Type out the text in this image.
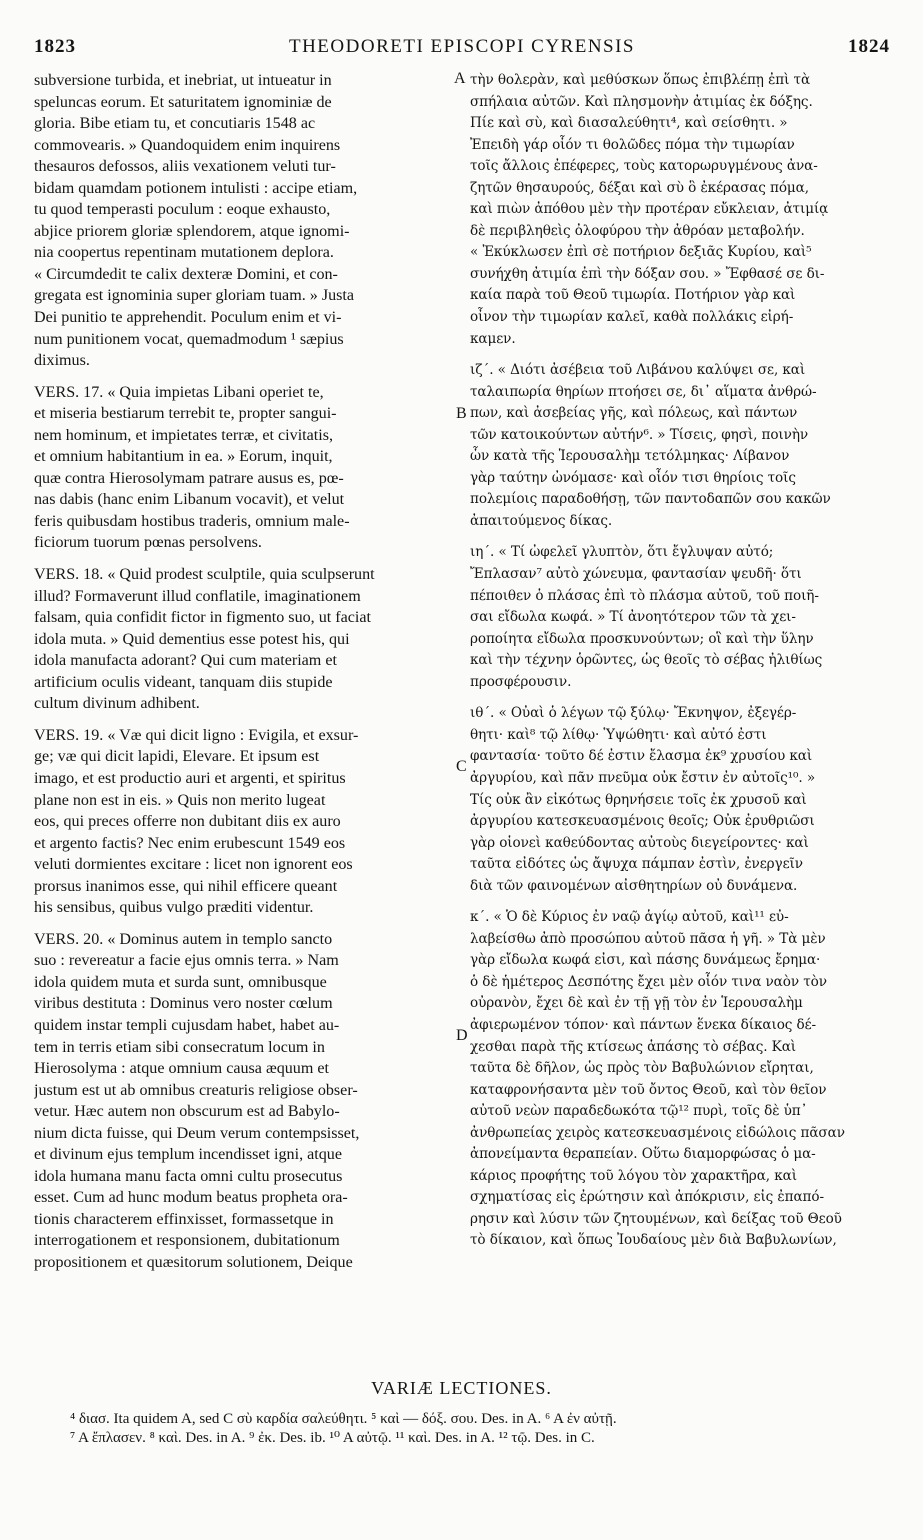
1823	THEODORETI EPISCOPI CYRENSIS	1824
subversione turbida, et inebriat, ut intueatur in
speluncas eorum. Et saturitatem ignominiæ de
gloria. Bibe etiam tu, et concutiaris 1548 ac
commovearis. » Quandoquidem enim inquirens
thesauros defossos, aliis vexationem veluti tur-
bidam quamdam potionem intulisti : accipe etiam,
tu quod temperasti poculum : eoque exhausto,
abjice priorem gloriæ splendorem, atque ignomi-
nia coopertus repentinam mutationem deplora.
« Circumdedit te calix dexteræ Domini, et con-
gregata est ignominia super gloriam tuam. » Justa
Dei punitio te apprehendit. Poculum enim et vi-
num punitionem vocat, quemadmodum ¹ sæpius
diximus.
VERS. 17. « Quia impietas Libani operiet te,
et miseria bestiarum terrebit te, propter sangui-
nem hominum, et impietates terræ, et civitatis,
et omnium habitantium in ea. » Eorum, inquit,
quæ contra Hierosolymam patrare ausus es, pœ-
nas dabis (hanc enim Libanum vocavit), et velut
feris quibusdam hostibus traderis, omnium male-
ficiorum tuorum pœnas persolvens.
VERS. 18. « Quid prodest sculptile, quia sculpserunt
illud? Formaverunt illud conflatile, imaginationem
falsam, quia confidit fictor in figmento suo, ut faciat
idola muta. » Quid dementius esse potest his, qui
idola manufacta adorant? Qui cum materiam et
artificium oculis videant, tanquam diis stupide
cultum divinum adhibent.
VERS. 19. « Væ qui dicit ligno : Evigila, et exsur-
ge; væ qui dicit lapidi, Elevare. Et ipsum est
imago, et est productio auri et argenti, et spiritus
plane non est in eis. » Quis non merito lugeat
eos, qui preces offerre non dubitant diis ex auro
et argento factis? Nec enim erubescunt 1549 eos
veluti dormientes excitare : licet non ignorent eos
prorsus inanimos esse, qui nihil efficere queant
his sensibus, quibus vulgo præditi videntur.
VERS. 20. « Dominus autem in templo sancto
suo : revereatur a facie ejus omnis terra. » Nam
idola quidem muta et surda sunt, omnibusque
viribus destituta : Dominus vero noster cœlum
quidem instar templi cujusdam habet, habet au-
tem in terris etiam sibi consecratum locum in
Hierosolyma : atque omnium causa æquum et
justum est ut ab omnibus creaturis religiose obser-
vetur. Hæc autem non obscurum est ad Babylo-
nium dicta fuisse, qui Deum verum contempsisset,
et divinum ejus templum incendisset igni, atque
idola humana manu facta omni cultu prosecutus
esset. Cum ad hunc modum beatus propheta ora-
tionis characterem effinxisset, formassetque in
interrogationem et responsionem, dubitationum
propositionem et quæsitorum solutionem, Deique
τὴν θολερὰν, καὶ μεθύσκων ὅπως ἐπιβλέπῃ ἐπὶ τὰ
σπήλαια αὐτῶν. Καὶ πλησμονὴν ἀτιμίας ἐκ δόξης.
Πίε καὶ σὺ, καὶ διασαλεύθητι⁴, καὶ σείσθητι. »
Ἐπειδὴ γάρ οἷόν τι θολῶδες πόμα τὴν τιμωρίαν
τοῖς ἄλλοις ἐπέφερες, τοὺς κατορωρυγμένους ἀνα-
ζητῶν θησαυρούς, δέξαι καὶ σὺ ὃ ἐκέρασας πόμα,
καὶ πιὼν ἀπόθου μὲν τὴν προτέραν εὔκλειαν, ἀτιμίᾳ
δὲ περιβληθεὶς ὀλοφύρου τὴν ἀθρόαν μεταβολήν.
« Ἐκύκλωσεν ἐπὶ σὲ ποτήριον δεξιᾶς Κυρίου, καὶ⁵
συνήχθη ἀτιμία ἐπὶ τὴν δόξαν σου. » Ἔφθασέ σε δι-
καία παρὰ τοῦ Θεοῦ τιμωρία. Ποτήριον γὰρ καὶ
οἶνον τὴν τιμωρίαν καλεῖ, καθὰ πολλάκις εἰρή-
καμεν.
ιζ΄. « Διότι ἀσέβεια τοῦ Λιβάνου καλύψει σε, καὶ
ταλαιπωρία θηρίων πτοήσει σε, δι᾽ αἵματα ἀνθρώ-
πων, καὶ ἀσεβείας γῆς, καὶ πόλεως, καὶ πάντων
τῶν κατοικούντων αὐτήν⁶. » Τίσεις, φησὶ, ποινὴν
ὧν κατὰ τῆς Ἱερουσαλὴμ τετόλμηκας· Λίβανον
γὰρ ταύτην ὠνόμασε· καὶ οἷόν τισι θηρίοις τοῖς
πολεμίοις παραδοθήσῃ, τῶν παντοδαπῶν σου κακῶν
ἀπαιτούμενος δίκας.
ιη΄. « Τί ὠφελεῖ γλυπτὸν, ὅτι ἔγλυψαν αὐτό;
Ἔπλασαν⁷ αὐτὸ χώνευμα, φαντασίαν ψευδῆ· ὅτι
πέποιθεν ὁ πλάσας ἐπὶ τὸ πλάσμα αὐτοῦ, τοῦ ποιῆ-
σαι εἴδωλα κωφά. » Τί ἀνοητότερον τῶν τὰ χει-
ροποίητα εἴδωλα προσκυνούντων; οἳ καὶ τὴν ὕλην
καὶ τὴν τέχνην ὁρῶντες, ὡς θεοῖς τὸ σέβας ἠλιθίως
προσφέρουσιν.
ιθ΄. « Οὐαὶ ὁ λέγων τῷ ξύλῳ· Ἔκνηψον, ἐξεγέρ-
θητι· καὶ⁸ τῷ λίθῳ· Ὑψώθητι· καὶ αὐτό ἐστι
φαντασία· τοῦτο δέ ἐστιν ἔλασμα ἐκ⁹ χρυσίου καὶ
ἀργυρίου, καὶ πᾶν πνεῦμα οὐκ ἔστιν ἐν αὐτοῖς¹⁰. »
Τίς οὐκ ἂν εἰκότως θρηνήσειε τοῖς ἐκ χρυσοῦ καὶ
ἀργυρίου κατεσκευασμένοις θεοῖς; Οὐκ ἐρυθριῶσι
γὰρ οἱονεὶ καθεύδοντας αὐτοὺς διεγείροντες· καὶ
ταῦτα εἰδότες ὡς ἄψυχα πάμπαν ἐστὶν, ἐνεργεῖν
διὰ τῶν φαινομένων αἰσθητηρίων οὐ δυνάμενα.
κ΄. « Ὁ δὲ Κύριος ἐν ναῷ ἁγίῳ αὐτοῦ, καὶ¹¹ εὐ-
λαβείσθω ἀπὸ προσώπου αὐτοῦ πᾶσα ἡ γῆ. » Τὰ μὲν
γὰρ εἴδωλα κωφά εἰσι, καὶ πάσης δυνάμεως ἔρημα·
ὁ δὲ ἡμέτερος Δεσπότης ἔχει μὲν οἷόν τινα ναὸν τὸν
οὐρανὸν, ἔχει δὲ καὶ ἐν τῇ γῇ τὸν ἐν Ἱερουσαλὴμ
ἀφιερωμένον τόπον· καὶ πάντων ἕνεκα δίκαιος δέ-
χεσθαι παρὰ τῆς κτίσεως ἁπάσης τὸ σέβας. Καὶ
ταῦτα δὲ δῆλον, ὡς πρὸς τὸν Βαβυλώνιον εἴρηται,
καταφρονήσαντα μὲν τοῦ ὄντος Θεοῦ, καὶ τὸν θεῖον
αὐτοῦ νεὼν παραδεδωκότα τῷ¹² πυρὶ, τοῖς δὲ ὑπ᾽
ἀνθρωπείας χειρὸς κατεσκευασμένοις εἰδώλοις πᾶσαν
ἀπονείμαντα θεραπείαν. Οὕτω διαμορφώσας ὁ μα-
κάριος προφήτης τοῦ λόγου τὸν χαρακτῆρα, καὶ
σχηματίσας εἰς ἐρώτησιν καὶ ἀπόκρισιν, εἰς ἐπαπό-
ρησιν καὶ λύσιν τῶν ζητουμένων, καὶ δείξας τοῦ Θεοῦ
τὸ δίκαιον, καὶ ὅπως Ἰουδαίους μὲν διὰ Βαβυλωνίων,
A
B
C
D
VARIÆ LECTIONES.
⁴ διασ. Ita quidem A, sed C σὺ καρδία σαλεύθητι. ⁵ καὶ — δόξ. σου. Des. in A. ⁶ A ἐν αὐτῇ.
⁷ A ἔπλασεν. ⁸ καὶ. Des. in A. ⁹ ἐκ. Des. ib. ¹⁰ A αὐτῷ. ¹¹ καὶ. Des. in A. ¹² τῷ. Des. in C.
